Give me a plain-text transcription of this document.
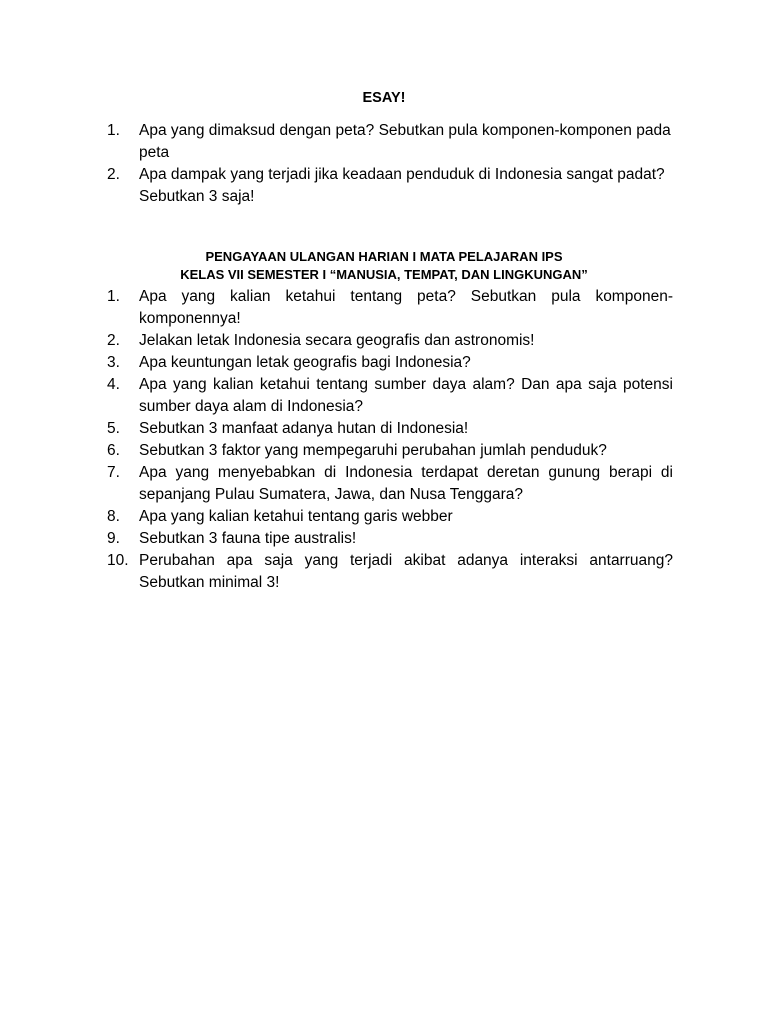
ESAY!
1.	Apa yang dimaksud dengan peta? Sebutkan pula komponen-komponen pada peta
2.	Apa dampak yang terjadi jika keadaan penduduk di Indonesia sangat padat? Sebutkan 3 saja!
PENGAYAAN ULANGAN HARIAN I MATA PELAJARAN IPS
KELAS VII SEMESTER I “MANUSIA, TEMPAT, DAN LINGKUNGAN”
1.	Apa yang kalian ketahui tentang peta? Sebutkan pula komponen-komponennya!
2.	Jelakan letak Indonesia secara geografis dan astronomis!
3.	Apa keuntungan letak geografis bagi Indonesia?
4.	Apa yang kalian ketahui tentang sumber daya alam? Dan apa saja potensi sumber daya alam di Indonesia?
5.	Sebutkan 3 manfaat adanya hutan di Indonesia!
6.	Sebutkan 3 faktor yang mempegaruhi perubahan jumlah penduduk?
7.	Apa yang menyebabkan di Indonesia terdapat deretan gunung berapi di sepanjang Pulau Sumatera, Jawa, dan Nusa Tenggara?
8.	Apa yang kalian ketahui tentang garis webber
9.	Sebutkan 3 fauna tipe australis!
10. Perubahan apa saja yang terjadi akibat adanya interaksi antarruang? Sebutkan minimal 3!
